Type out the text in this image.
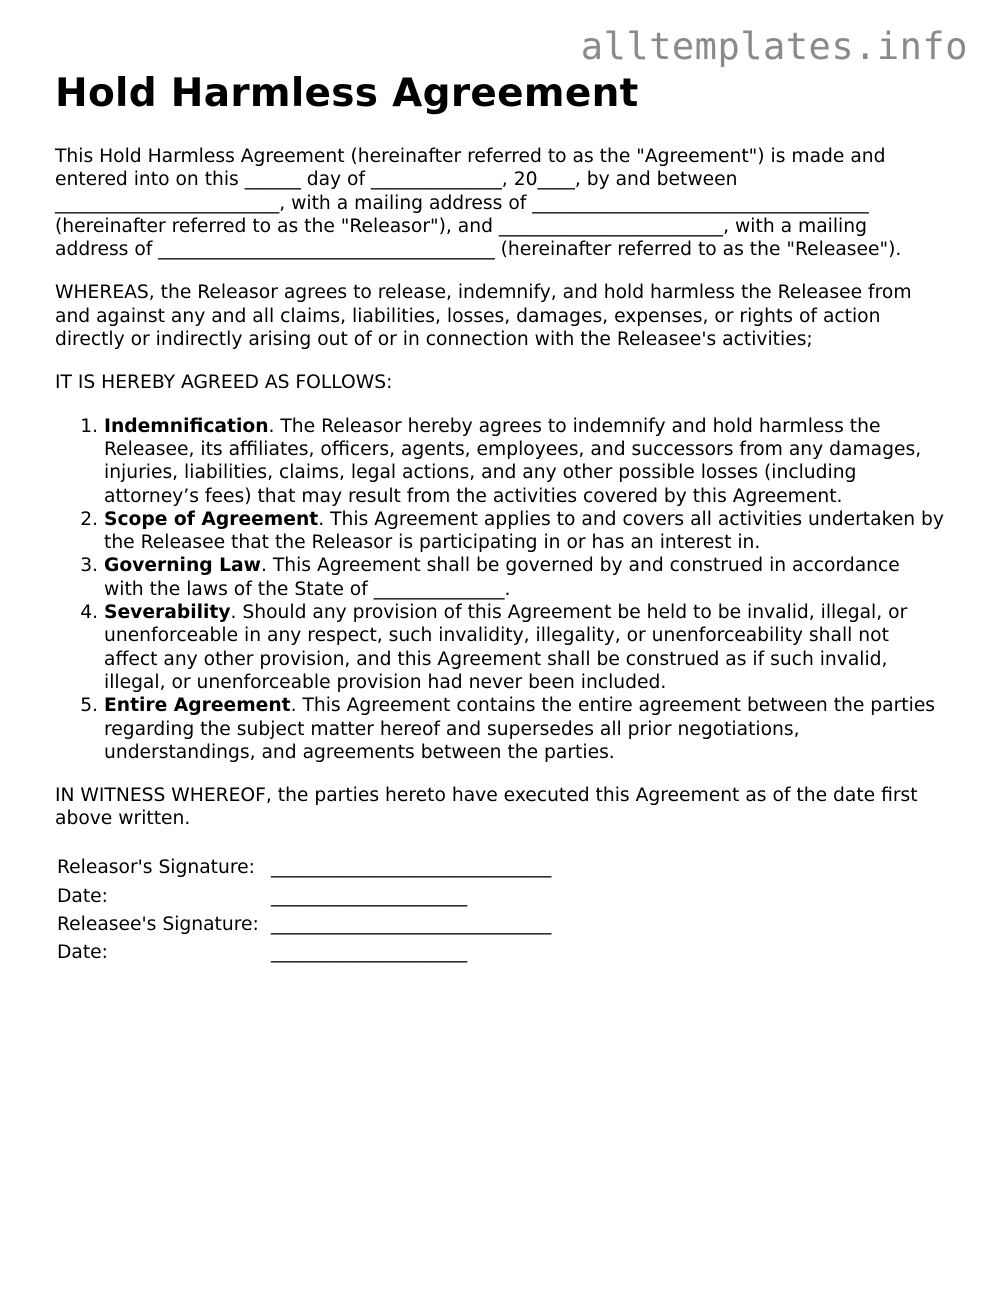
alltemplates.info
Hold Harmless Agreement

This Hold Harmless Agreement (hereinafter referred to as the "Agreement") is made and entered into on this ______ day of ______________, 20____, by and between ________________________, with a mailing address of ____________________________________ (hereinafter referred to as the "Releasor"), and ________________________, with a mailing address of ____________________________________ (hereinafter referred to as the "Releasee").

WHEREAS, the Releasor agrees to release, indemnify, and hold harmless the Releasee from and against any and all claims, liabilities, losses, damages, expenses, or rights of action directly or indirectly arising out of or in connection with the Releasee's activities;

IT IS HEREBY AGREED AS FOLLOWS:

1. Indemnification. The Releasor hereby agrees to indemnify and hold harmless the Releasee, its affiliates, officers, agents, employees, and successors from any damages, injuries, liabilities, claims, legal actions, and any other possible losses (including attorney’s fees) that may result from the activities covered by this Agreement.
2. Scope of Agreement. This Agreement applies to and covers all activities undertaken by the Releasee that the Releasor is participating in or has an interest in.
3. Governing Law. This Agreement shall be governed by and construed in accordance with the laws of the State of ______________.
4. Severability. Should any provision of this Agreement be held to be invalid, illegal, or unenforceable in any respect, such invalidity, illegality, or unenforceability shall not affect any other provision, and this Agreement shall be construed as if such invalid, illegal, or unenforceable provision had never been included.
5. Entire Agreement. This Agreement contains the entire agreement between the parties regarding the subject matter hereof and supersedes all prior negotiations, understandings, and agreements between the parties.

IN WITNESS WHEREOF, the parties hereto have executed this Agreement as of the date first above written.

Releasor's Signature:	______________________________
Date:	_____________________
Releasee's Signature:	______________________________
Date:	_____________________
